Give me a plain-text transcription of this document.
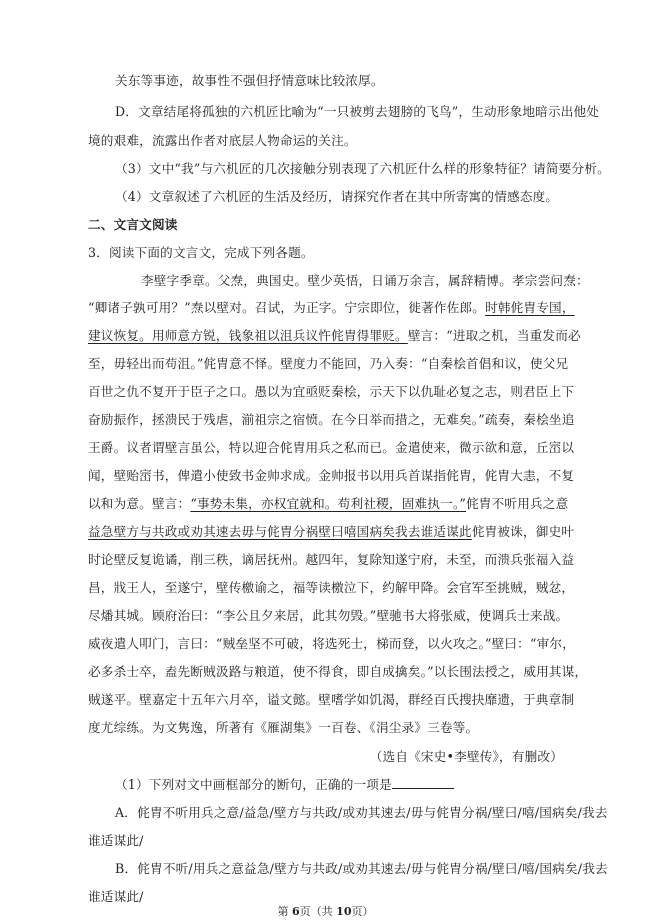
关东等事迹，故事性不强但抒情意味比较浓厚。
D．文章结尾将孤独的六机匠比喻为“一只被剪去翅膀的飞鸟”，生动形象地暗示出他处
境的艰难，流露出作者对底层人物命运的关注。
（3）文中“我”与六机匠的几次接触分别表现了六机匠什么样的形象特征？请简要分析。
（4）文章叙述了六机匠的生活及经历，请探究作者在其中所寄寓的情感态度。
二、文言文阅读
3．阅读下面的文言文，完成下列各题。
李壁字季章。父焘，典国史。壁少英悟，日诵万余言，属辞精博。孝宗尝问焘：
“卿诸子孰可用？”焘以壁对。召试，为正字。宁宗即位，徙著作佐郎。时韩侂胄专国，
建议恢复。用师意方锐，钱象祖以沮兵议忤侂胄得罪贬。壁言：“进取之机，当重发而必
至，毋轻出而苟沮。”侂胄意不怿。壁度力不能回，乃入奏：“自秦桧首倡和议，使父兄
百世之仇不复开于臣子之口。愚以为宜亟贬秦桧，示天下以仇耻必复之志，则君臣上下
奋励振作，拯溃民于残虐，湔祖宗之宿愤。在今日举而措之，无难矣。”疏奏，秦桧坐追
王爵。议者谓壁言虽公，特以迎合侂胄用兵之私而已。金遣使来，微示欲和意，丘崈以
闻，壁贻崈书，俾遣小使致书金帅求成。金帅报书以用兵首谋指侂胄，侂胄大恚，不复
以和为意。壁言：“事势未集，亦权宜就和。苟利社稷，固难执一。”侂胄不听用兵之意
益急壁方与共政或劝其速去毋与侂胄分祸壁曰嘻国病矣我去谁适谋此侂胄被诛，御史叶
时论壁反复诡谲，削三秩，谪居抚州。越四年，复除知遂宁府，未至，而溃兵张福入益
昌，戕王人，至遂宁，壁传檄谕之，福等读檄泣下，约解甲降。会官军至挑贼，贼忿，
尽燔其城。顾府治曰：“李公且夕来居，此其勿毁。”壁驰书大将张威，使调兵士来战。
威夜遣人叩门，言曰：“贼垒坚不可破，将选死士，梯而登，以火攻之。”壁曰：“审尔，
必多杀士卒，盍先断贼汲路与粮道，使不得食，即自成擒矣。”以长围法授之，威用其谋，
贼遂平。壁嘉定十五年六月卒，谥文懿。壁嗜学如饥渴，群经百氏搜抉靡遗，于典章制
度尤综练。为文隽逸，所著有《雁湖集》一百卷、《涓尘录》三卷等。
（选自《宋史•李壁传》，有删改）
（1）下列对文中画框部分的断句，正确的一项是
A．侂胄不听用兵之意/益急/壁方与共政/或劝其速去/毋与侂胄分祸/壁曰/嘻/国病矣/我去
谁适谋此/
B．侂胄不听/用兵之意益急/壁方与共政/或劝其速去/毋与侂胄分祸/壁曰/嘻/国病矣/我去
谁适谋此/
第 6页（共 10页）
